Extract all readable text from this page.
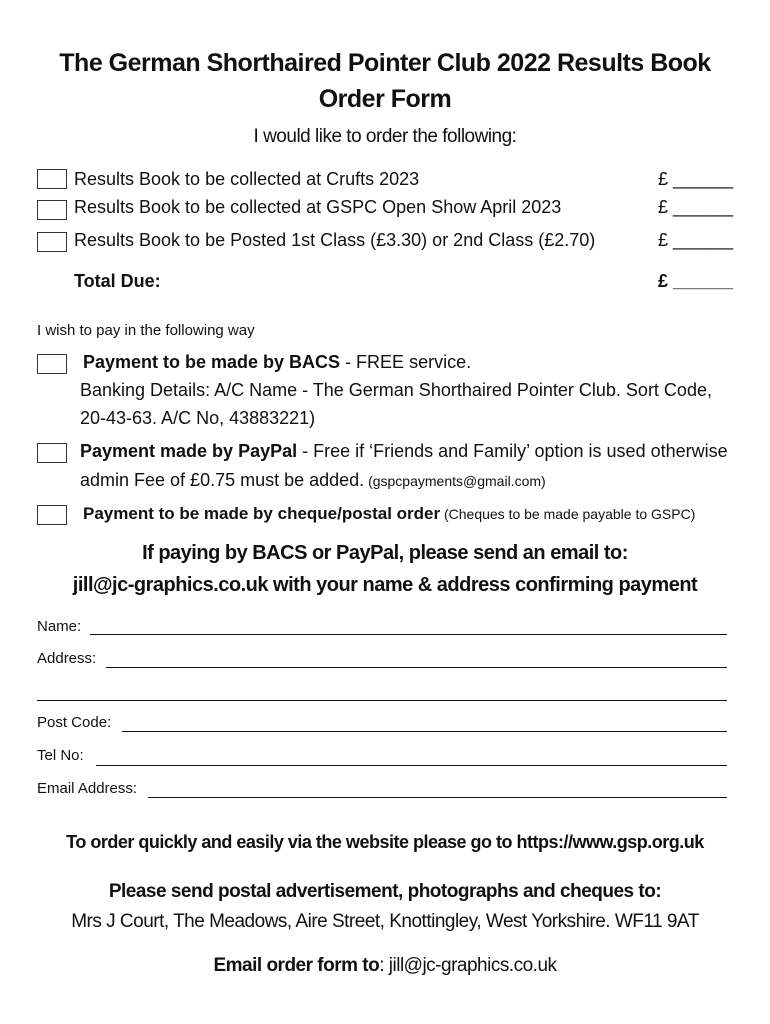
The German Shorthaired Pointer Club 2022 Results Book
Order Form
I would like to order the following:
Results Book to be collected at Crufts 2023	£ ______
Results Book to be collected at GSPC Open Show April 2023	£ ______
Results Book to be Posted 1st Class (£3.30) or 2nd Class (£2.70)	£ ______
Total Due:	£ ______
I wish to pay in the following way
Payment to be made by BACS - FREE service.
Banking Details: A/C Name - The German Shorthaired Pointer Club. Sort Code,
20-43-63. A/C No, 43883221)
Payment made by PayPal - Free if ‘Friends and Family’ option is used otherwise
admin Fee of £0.75 must be added. (gspcpayments@gmail.com)
Payment to be made by cheque/postal order (Cheques to be made payable to GSPC)
If paying by BACS or PayPal, please send an email to:
jill@jc-graphics.co.uk with your name & address confirming payment
Name:
Address:
Post Code:
Tel No:
Email Address:
To order quickly and easily via the website please go to https://www.gsp.org.uk
Please send postal advertisement, photographs and cheques to:
Mrs J Court, The Meadows, Aire Street, Knottingley, West Yorkshire. WF11 9AT
Email order form to: jill@jc-graphics.co.uk
